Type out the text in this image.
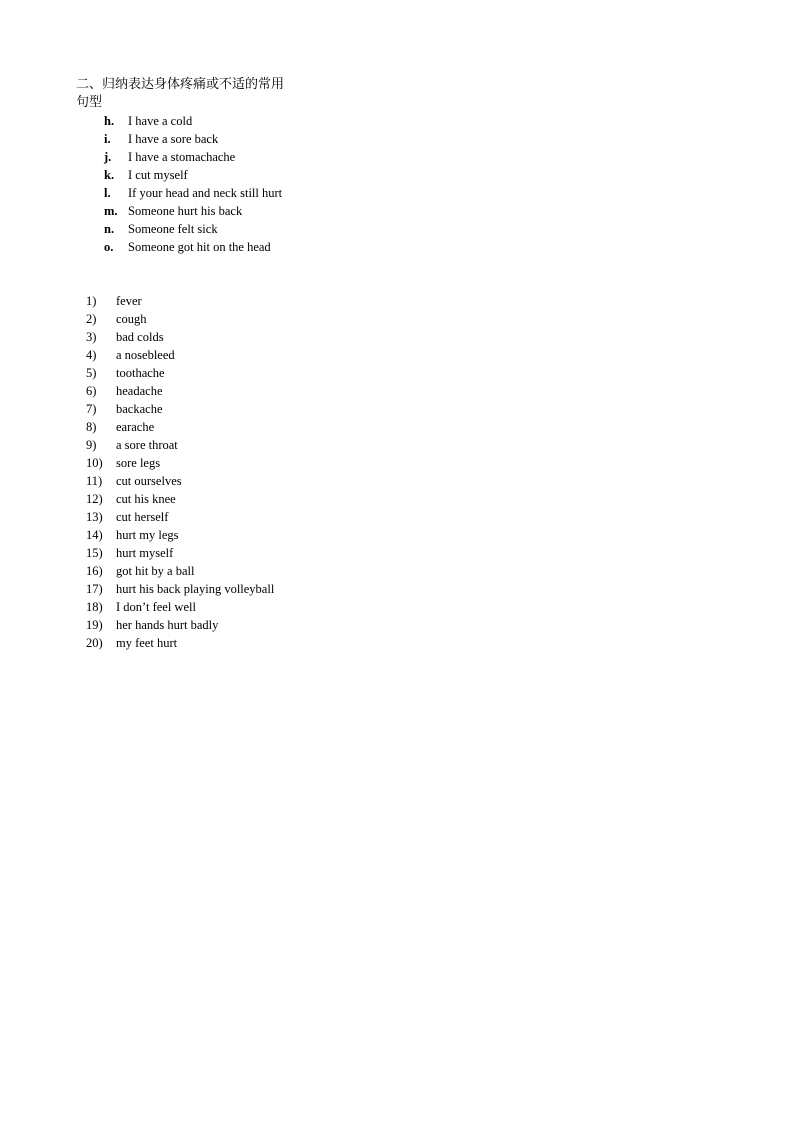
二、归纳表达身体疼痛或不适的常用句型
h.	I have a cold
i.	I have a sore back
j.	I have a stomachache
k.	I cut myself
l.	If your head and neck still hurt
m. Someone hurt his back
n.	Someone felt sick
o.	Someone got hit on the head
1)	fever
2)	cough
3)	bad colds
4)	a nosebleed
5)	toothache
6)	headache
7)	backache
8)	earache
9)	a sore throat
10)	sore legs
11)	cut ourselves
12)	cut his knee
13)	cut herself
14)	hurt my legs
15)	hurt myself
16)	got hit by a ball
17)	hurt his back playing volleyball
18)	I don’t feel well
19)	her hands hurt badly
20)	my feet hurt
